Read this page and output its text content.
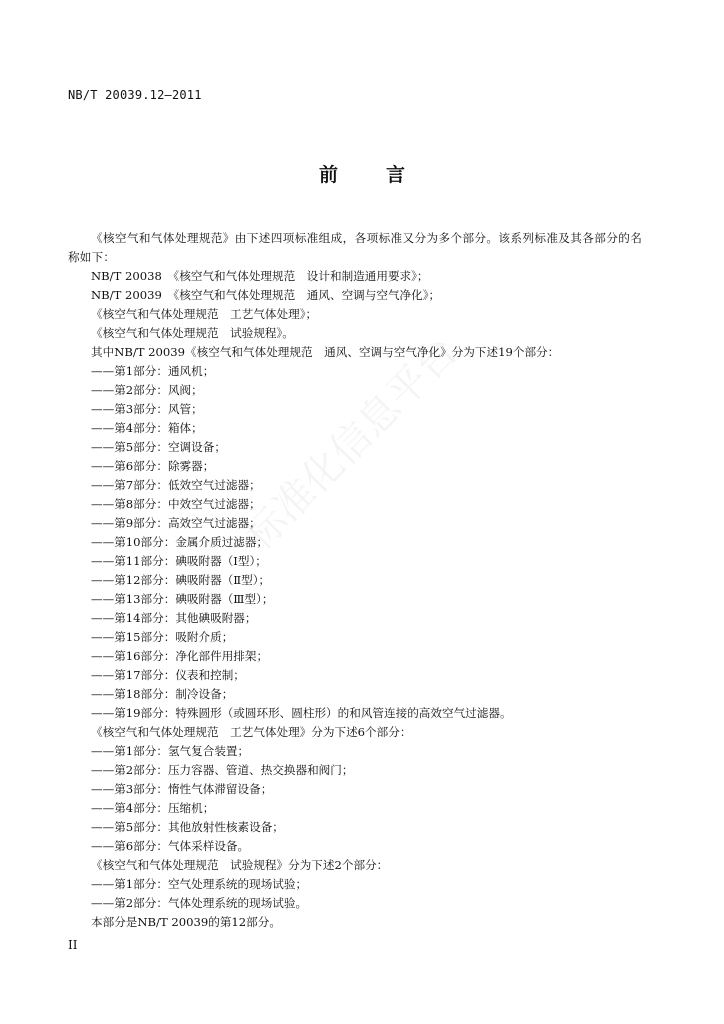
NB/T 20039.12—2011
前	言

《核空气和气体处理规范》由下述四项标准组成，各项标准又分为多个部分。该系列标准及其各部分的名称如下：

NB/T 20038　《核空气和气体处理规范　设计和制造通用要求》；

NB/T 20039　《核空气和气体处理规范　通风、空调与空气净化》；

《核空气和气体处理规范　工艺气体处理》；

《核空气和气体处理规范　试验规程》。

其中NB/T 20039《核空气和气体处理规范　通风、空调与空气净化》分为下述19个部分：

——第1部分：通风机；

——第2部分：风阀；

——第3部分：风管；

——第4部分：箱体；

——第5部分：空调设备；

——第6部分：除雾器；

——第7部分：低效空气过滤器；

——第8部分：中效空气过滤器；

——第9部分：高效空气过滤器；

——第10部分：金属介质过滤器；

——第11部分：碘吸附器（Ⅰ型）；

——第12部分：碘吸附器（Ⅱ型）；

——第13部分：碘吸附器（Ⅲ型）；

——第14部分：其他碘吸附器；

——第15部分：吸附介质；

——第16部分：净化部件用排架；

——第17部分：仪表和控制；

——第18部分：制冷设备；

——第19部分：特殊圆形（或圆环形、圆柱形）的和风管连接的高效空气过滤器。

《核空气和气体处理规范　工艺气体处理》分为下述6个部分：

——第1部分：氢气复合装置；

——第2部分：压力容器、管道、热交换器和阀门；

——第3部分：惰性气体滞留设备；

——第4部分：压缩机；

——第5部分：其他放射性核素设备；

——第6部分：气体采样设备。

《核空气和气体处理规范　试验规程》分为下述2个部分：

——第1部分：空气处理系统的现场试验；

——第2部分：气体处理系统的现场试验。

本部分是NB/T 20039的第12部分。

II
